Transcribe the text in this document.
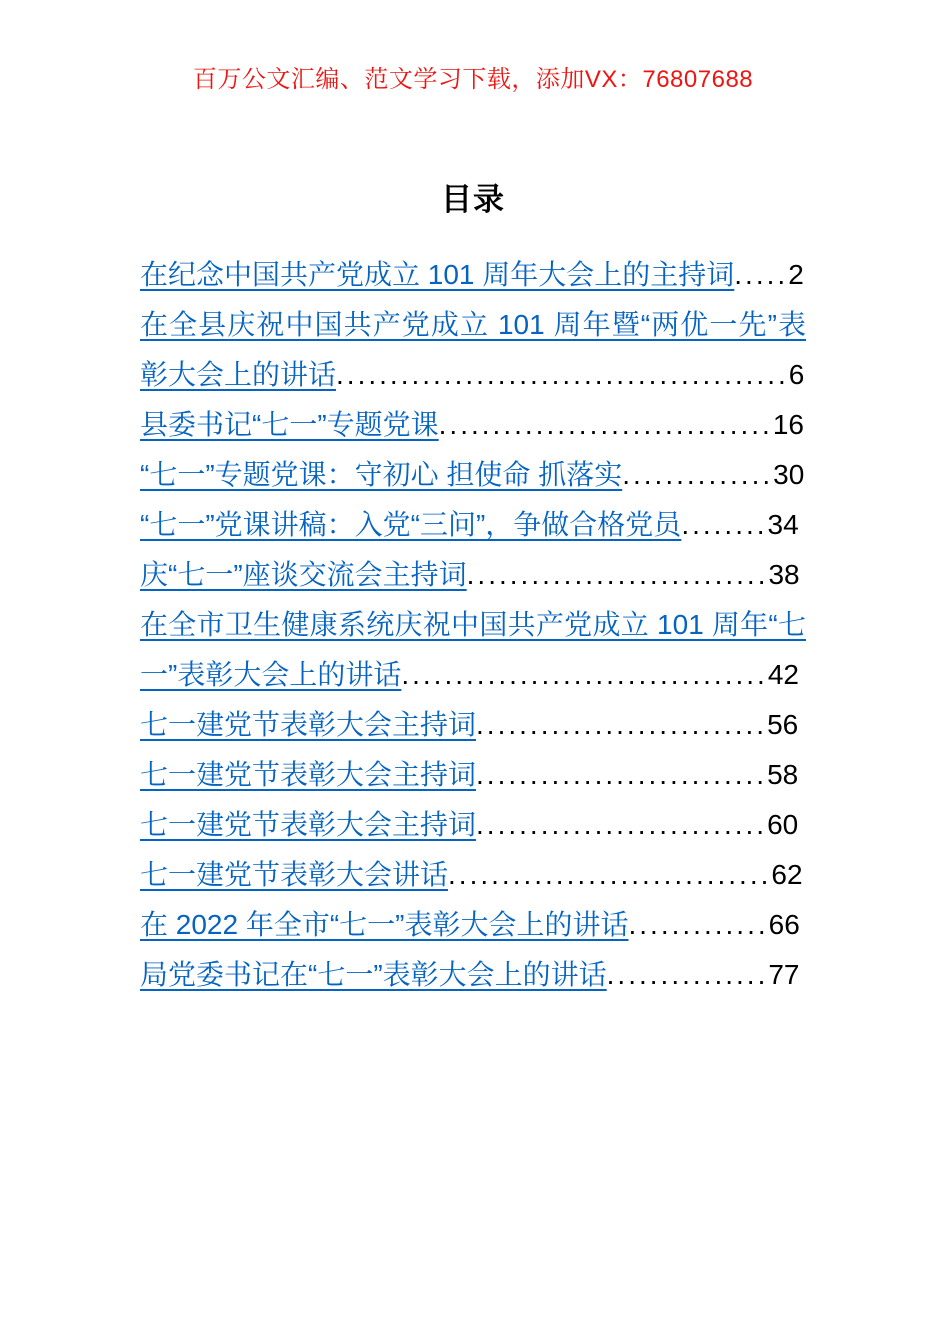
百万公文汇编、范文学习下载，添加VX：76807688
目录

在纪念中国共产党成立 101 周年大会上的主持词.....2

在全县庆祝中国共产党成立 101 周年暨“两优一先”表彰大会上的讲话..........................................6

县委书记“七一”专题党课...............................16

“七一”专题党课：守初心 担使命 抓落实..............30

“七一”党课讲稿：入党“三问”，争做合格党员........34

庆“七一”座谈交流会主持词............................38

在全市卫生健康系统庆祝中国共产党成立 101 周年“七一”表彰大会上的讲话..................................42

七一建党节表彰大会主持词...........................56

七一建党节表彰大会主持词...........................58

七一建党节表彰大会主持词...........................60

七一建党节表彰大会讲话..............................62

在 2022 年全市“七一”表彰大会上的讲话.............66

局党委书记在“七一”表彰大会上的讲话...............77
